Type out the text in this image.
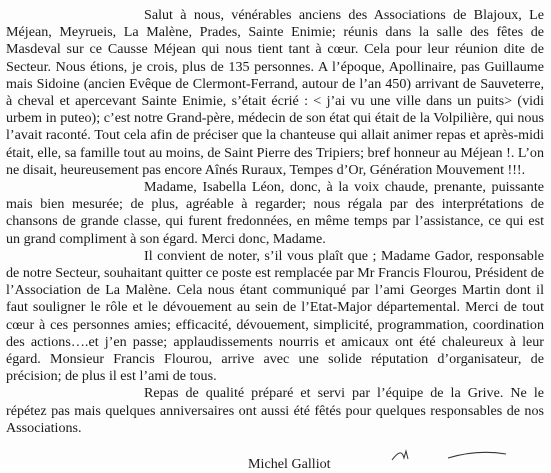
Salut à nous, vénérables anciens des Associations de Blajoux, Le Méjean, Meyrueis, La Malène, Prades, Sainte Enimie; réunis dans la salle des fêtes de Masdeval sur ce Causse Méjean qui nous tient tant à cœur. Cela pour leur réunion dite de Secteur. Nous étions, je crois, plus de 135 personnes. A l’époque, Apollinaire, pas Guillaume mais Sidoine (ancien Evêque de Clermont-Ferrand, autour de l’an 450) arrivant de Sauveterre, à cheval et apercevant Sainte Enimie, s’était écrié : < j’ai vu une ville dans un puits> (vidi urbem in puteo); c’est notre Grand-père, médecin de son état qui était de la Volpilière, qui nous l’avait raconté. Tout cela afin de préciser que la chanteuse qui allait animer repas et après-midi était, elle, sa famille tout au moins, de Saint Pierre des Tripiers; bref honneur au Méjean !. L’on ne disait, heureusement pas encore Aînés Ruraux, Tempes d’Or, Génération Mouvement !!!.

Madame, Isabella Léon, donc, à la voix chaude, prenante, puissante mais bien mesurée; de plus, agréable à regarder; nous régala par des interprétations de chansons de grande classe, qui furent fredonnées, en même temps par l’assistance, ce qui est un grand compliment à son égard. Merci donc, Madame.

Il convient de noter, s’il vous plaît que ; Madame Gador, responsable de notre Secteur, souhaitant quitter ce poste est remplacée par Mr Francis Flourou, Président de l’Association de La Malène. Cela nous étant communiqué par l’ami Georges Martin dont il faut souligner le rôle et le dévouement au sein de l’Etat-Major départemental. Merci de tout cœur à ces personnes amies; efficacité, dévouement, simplicité, programmation, coordination des actions….et j’en passe; applaudissements nourris et amicaux ont été chaleureux à leur égard. Monsieur Francis Flourou, arrive avec une solide réputation d’organisateur, de précision; de plus il est l’ami de tous.

Repas de qualité préparé et servi par l’équipe de la Grive. Ne le répétez pas mais quelques anniversaires ont aussi été fêtés pour quelques responsables de nos Associations.

Michel Galliot
